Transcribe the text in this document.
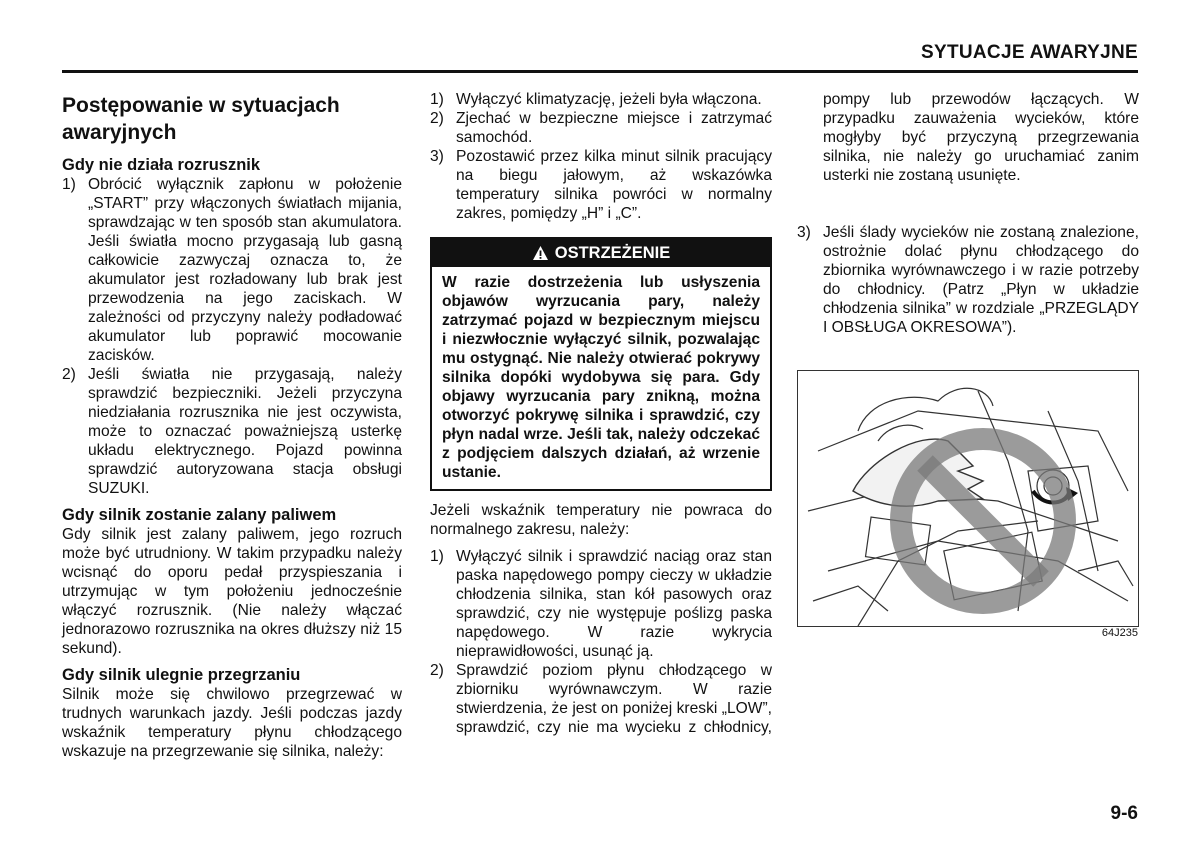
SYTUACJE AWARYJNE
Postępowanie w sytuacjach awaryjnych
Gdy nie działa rozrusznik
1) Obrócić wyłącznik zapłonu w położenie „START” przy włączonych światłach mijania, sprawdzając w ten sposób stan akumulatora. Jeśli światła mocno przygasają lub gasną całkowicie zazwyczaj oznacza to, że akumulator jest rozładowany lub brak jest przewodzenia na jego zaciskach. W zależności od przyczyny należy podładować akumulator lub poprawić mocowanie zacisków.
2) Jeśli światła nie przygasają, należy sprawdzić bezpieczniki. Jeżeli przyczyna niedziałania rozrusznika nie jest oczywista, może to oznaczać poważniejszą usterkę układu elektrycznego. Pojazd powinna sprawdzić autoryzowana stacja obsługi SUZUKI.
Gdy silnik zostanie zalany paliwem

Gdy silnik jest zalany paliwem, jego rozruch może być utrudniony. W takim przypadku należy wcisnąć do oporu pedał przyspieszania i utrzymując w tym położeniu jednocześnie włączyć rozrusznik. (Nie należy włączać jednorazowo rozrusznika na okres dłuższy niż 15 sekund).

Gdy silnik ulegnie przegrzaniu

Silnik może się chwilowo przegrzewać w trudnych warunkach jazdy. Jeśli podczas jazdy wskaźnik temperatury płynu chłodzącego wskazuje na przegrzewanie się silnika, należy:

1) Wyłączyć klimatyzację, jeżeli była włączona.
2) Zjechać w bezpieczne miejsce i zatrzymać samochód.
3) Pozostawić przez kilka minut silnik pracujący na biegu jałowym, aż wskazówka temperatury silnika powróci w normalny zakres, pomiędzy „H” i „C”.
OSTRZEŻENIE
W razie dostrzeżenia lub usłyszenia objawów wyrzucania pary, należy zatrzymać pojazd w bezpiecznym miejscu i niezwłocznie wyłączyć silnik, pozwalając mu ostygnąć. Nie należy otwierać pokrywy silnika dopóki wydobywa się para. Gdy objawy wyrzucania pary znikną, można otworzyć pokrywę silnika i sprawdzić, czy płyn nadal wrze. Jeśli tak, należy odczekać z podjęciem dalszych działań, aż wrzenie ustanie.

Jeżeli wskaźnik temperatury nie powraca do normalnego zakresu, należy:

1) Wyłączyć silnik i sprawdzić naciąg oraz stan paska napędowego pompy cieczy w układzie chłodzenia silnika, stan kół pasowych oraz sprawdzić, czy nie występuje poślizg paska napędowego. W razie wykrycia nieprawidłowości, usunąć ją.
2) Sprawdzić poziom płynu chłodzącego w zbiorniku wyrównawczym. W razie stwierdzenia, że jest on poniżej kreski „LOW”, sprawdzić, czy nie ma wycieku z chłodnicy,
pompy lub przewodów łączących. W przypadku zauważenia wycieków, które mogłyby być przyczyną przegrzewania silnika, nie należy go uruchamiać zanim usterki nie zostaną usunięte.
3) Jeśli ślady wycieków nie zostaną znalezione, ostrożnie dolać płynu chłodzącego do zbiornika wyrównawczego i w razie potrzeby do chłodnicy. (Patrz „Płyn w układzie chłodzenia silnika” w rozdziale „PRZEGLĄDY I OBSŁUGA OKRESOWA”).
64J235
9-6
